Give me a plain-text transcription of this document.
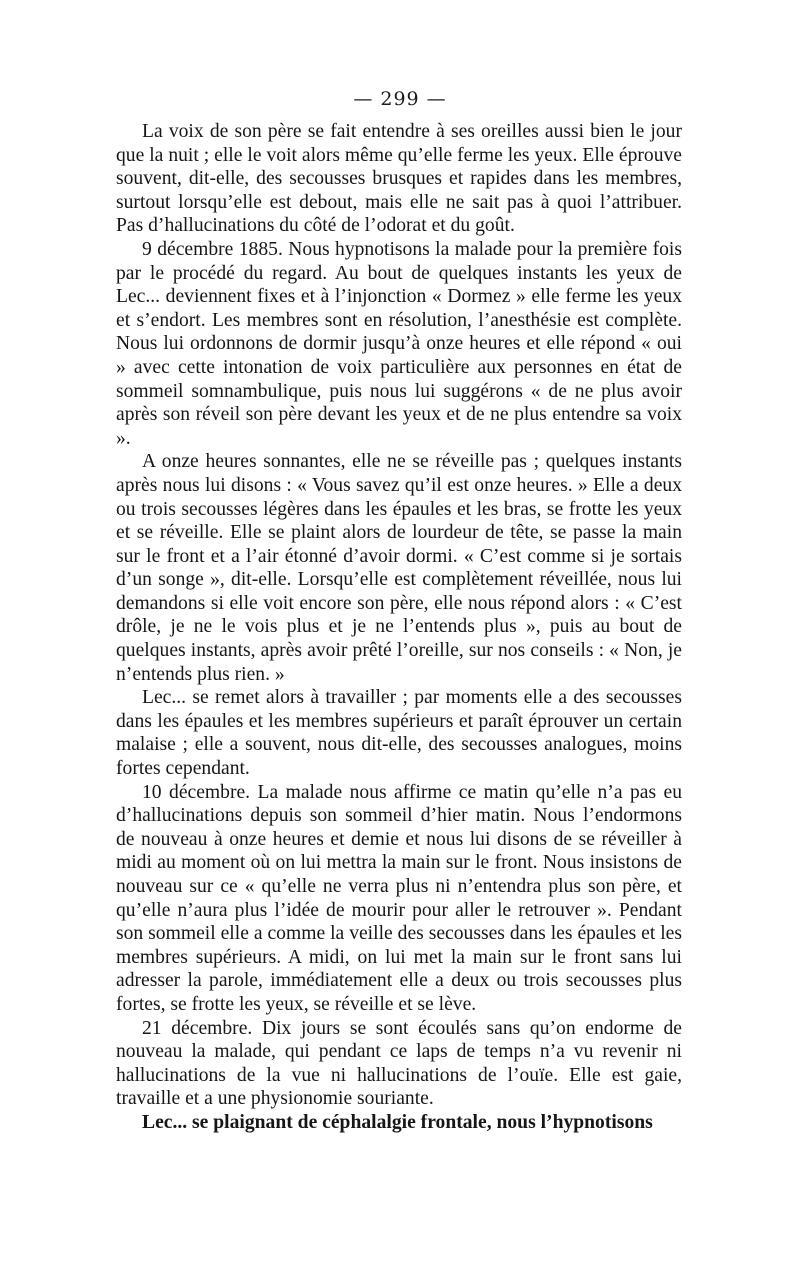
— 299 —

La voix de son père se fait entendre à ses oreilles aussi bien le jour que la nuit ; elle le voit alors même qu’elle ferme les yeux. Elle éprouve souvent, dit-elle, des secousses brusques et rapides dans les membres, surtout lorsqu’elle est debout, mais elle ne sait pas à quoi l’attribuer. Pas d’hallucinations du côté de l’odorat et du goût.

9 décembre 1885. Nous hypnotisons la malade pour la première fois par le procédé du regard. Au bout de quelques instants les yeux de Lec... deviennent fixes et à l’injonction « Dormez » elle ferme les yeux et s’endort. Les membres sont en résolution, l’anesthésie est complète. Nous lui ordonnons de dormir jusqu’à onze heures et elle répond « oui » avec cette intonation de voix particulière aux personnes en état de sommeil somnambulique, puis nous lui suggérons « de ne plus avoir après son réveil son père devant les yeux et de ne plus entendre sa voix ».

A onze heures sonnantes, elle ne se réveille pas ; quelques instants après nous lui disons : « Vous savez qu’il est onze heures. » Elle a deux ou trois secousses légères dans les épaules et les bras, se frotte les yeux et se réveille. Elle se plaint alors de lourdeur de tête, se passe la main sur le front et a l’air étonné d’avoir dormi. « C’est comme si je sortais d’un songe », dit-elle. Lorsqu’elle est complètement réveillée, nous lui demandons si elle voit encore son père, elle nous répond alors : « C’est drôle, je ne le vois plus et je ne l’entends plus », puis au bout de quelques instants, après avoir prêté l’oreille, sur nos conseils : « Non, je n’entends plus rien. »

Lec... se remet alors à travailler ; par moments elle a des secousses dans les épaules et les membres supérieurs et paraît éprouver un certain malaise ; elle a souvent, nous dit-elle, des secousses analogues, moins fortes cependant.

10 décembre. La malade nous affirme ce matin qu’elle n’a pas eu d’hallucinations depuis son sommeil d’hier matin. Nous l’endormons de nouveau à onze heures et demie et nous lui disons de se réveiller à midi au moment où on lui mettra la main sur le front. Nous insistons de nouveau sur ce « qu’elle ne verra plus ni n’entendra plus son père, et qu’elle n’aura plus l’idée de mourir pour aller le retrouver ». Pendant son sommeil elle a comme la veille des secousses dans les épaules et les membres supérieurs. A midi, on lui met la main sur le front sans lui adresser la parole, immédiatement elle a deux ou trois secousses plus fortes, se frotte les yeux, se réveille et se lève.

21 décembre. Dix jours se sont écoulés sans qu’on endorme de nouveau la malade, qui pendant ce laps de temps n’a vu revenir ni hallucinations de la vue ni hallucinations de l’ouïe. Elle est gaie, travaille et a une physionomie souriante.

Lec... se plaignant de céphalalgie frontale, nous l’hypnotisons
